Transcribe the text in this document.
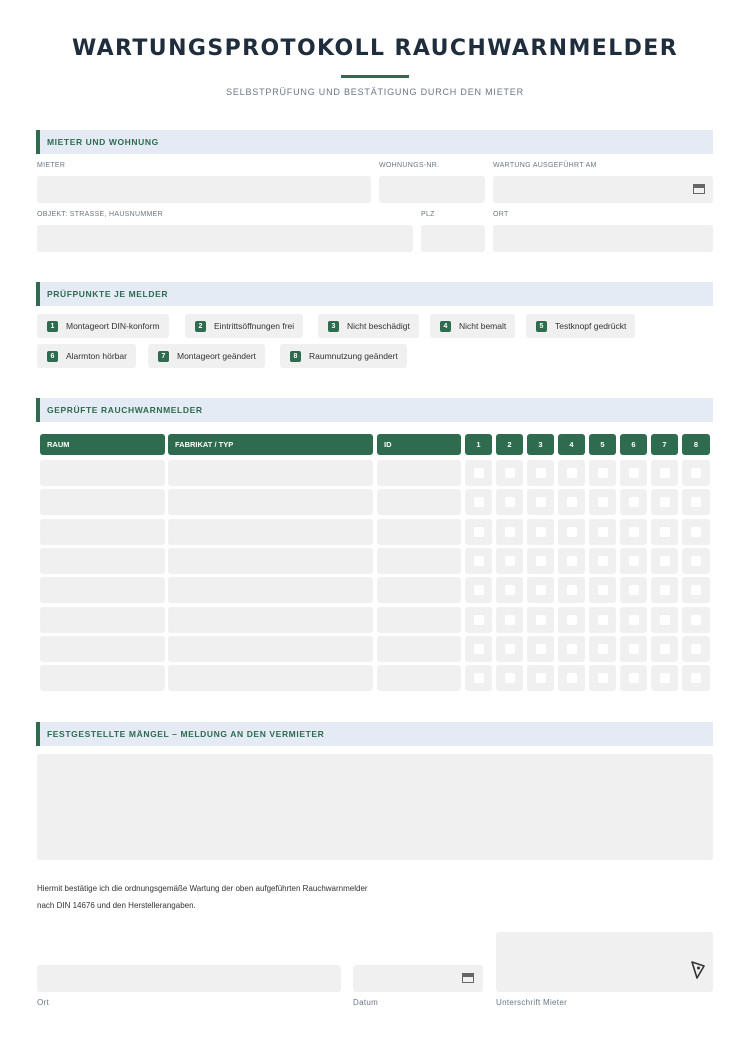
WARTUNGSPROTOKOLL RAUCHWARNMELDER
SELBSTPRÜFUNG UND BESTÄTIGUNG DURCH DEN MIETER
MIETER UND WOHNUNG
MIETER	WOHNUNGS-NR.	WARTUNG AUSGEFÜHRT AM
OBJEKT: STRASSE, HAUSNUMMER	PLZ	ORT
PRÜFPUNKTE JE MELDER
1	Montageort DIN-konform	2	Eintrittsöffnungen frei	3	Nicht beschädigt	4	Nicht bemalt	5	Testknopf gedrückt
6	Alarmton hörbar	7	Montageort geändert	8	Raumnutzung geändert
GEPRÜFTE RAUCHWARNMELDER
RAUM	FABRIKAT / TYP	ID	1	2	3	4	5	6	7	8
FESTGESTELLTE MÄNGEL – MELDUNG AN DEN VERMIETER
Hiermit bestätige ich die ordnungsgemäße Wartung der oben aufgeführten Rauchwarnmelder
nach DIN 14676 und den Herstellerangaben.
Ort	Datum	Unterschrift Mieter
